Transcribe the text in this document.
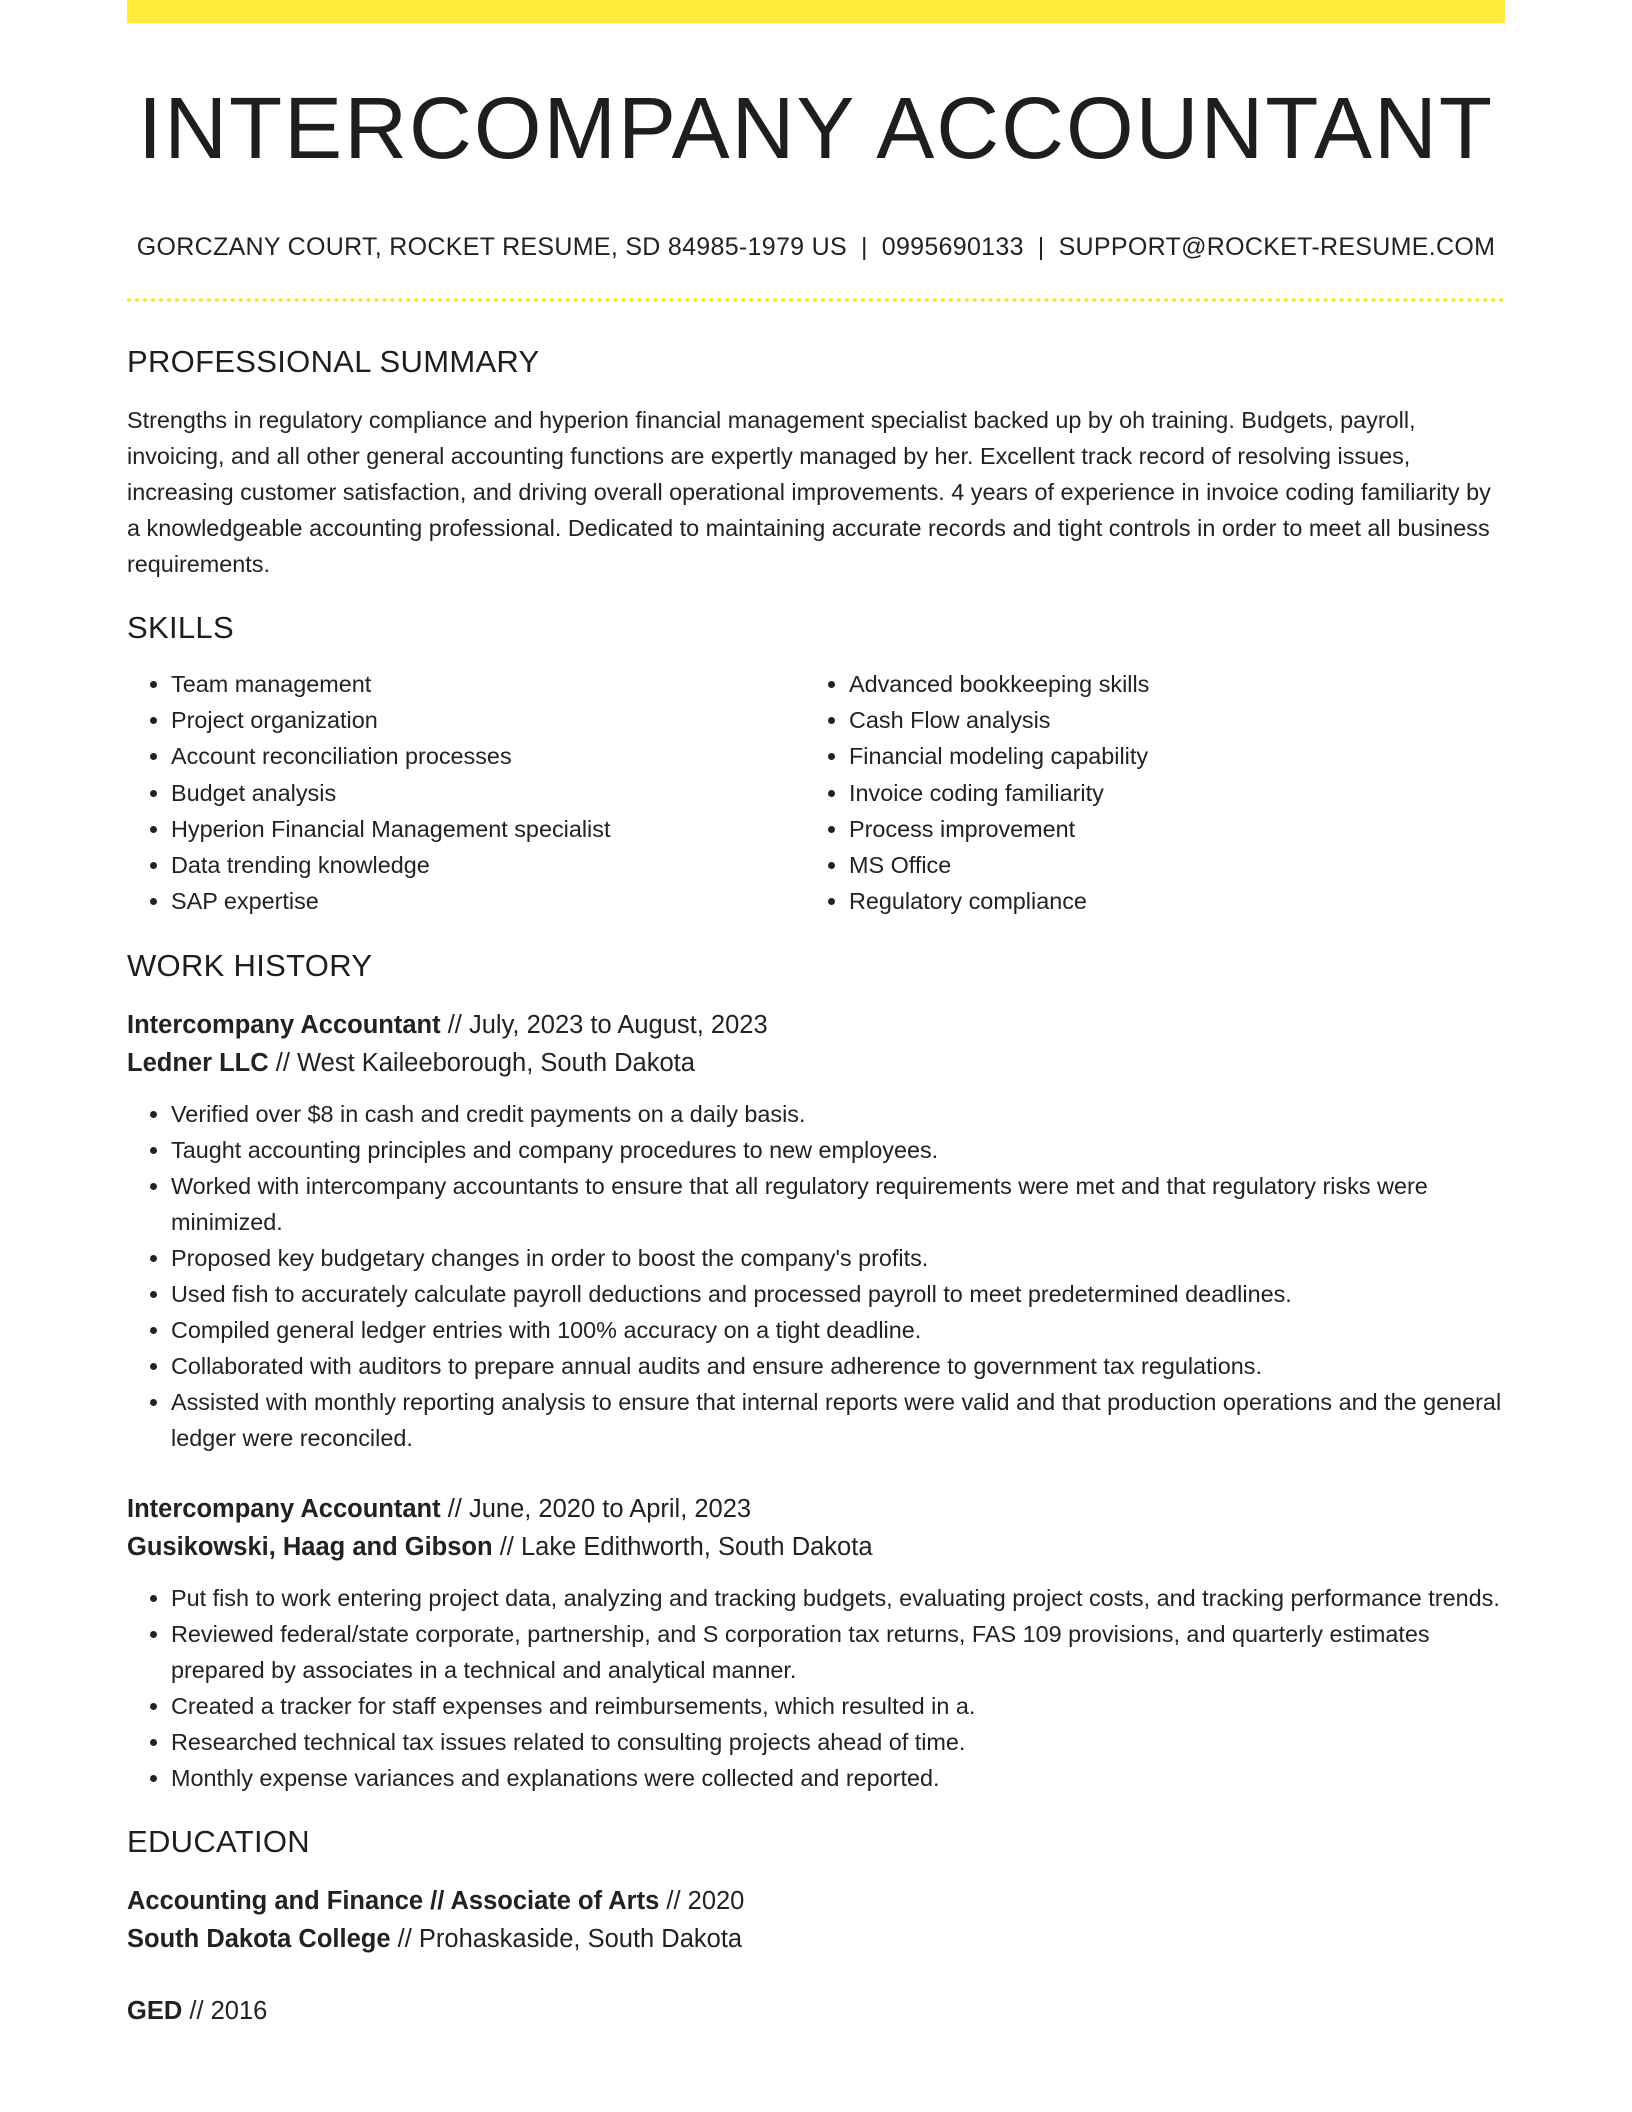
INTERCOMPANY ACCOUNTANT
GORCZANY COURT, ROCKET RESUME, SD 84985-1979 US | 0995690133 | SUPPORT@ROCKET-RESUME.COM
PROFESSIONAL SUMMARY
Strengths in regulatory compliance and hyperion financial management specialist backed up by oh training. Budgets, payroll, invoicing, and all other general accounting functions are expertly managed by her. Excellent track record of resolving issues, increasing customer satisfaction, and driving overall operational improvements. 4 years of experience in invoice coding familiarity by a knowledgeable accounting professional. Dedicated to maintaining accurate records and tight controls in order to meet all business requirements.
SKILLS
• Team management
• Project organization
• Account reconciliation processes
• Budget analysis
• Hyperion Financial Management specialist
• Data trending knowledge
• SAP expertise
• Advanced bookkeeping skills
• Cash Flow analysis
• Financial modeling capability
• Invoice coding familiarity
• Process improvement
• MS Office
• Regulatory compliance
WORK HISTORY
Intercompany Accountant // July, 2023 to August, 2023
Ledner LLC // West Kaileeborough, South Dakota
• Verified over $8 in cash and credit payments on a daily basis.
• Taught accounting principles and company procedures to new employees.
• Worked with intercompany accountants to ensure that all regulatory requirements were met and that regulatory risks were minimized.
• Proposed key budgetary changes in order to boost the company's profits.
• Used fish to accurately calculate payroll deductions and processed payroll to meet predetermined deadlines.
• Compiled general ledger entries with 100% accuracy on a tight deadline.
• Collaborated with auditors to prepare annual audits and ensure adherence to government tax regulations.
• Assisted with monthly reporting analysis to ensure that internal reports were valid and that production operations and the general ledger were reconciled.
Intercompany Accountant // June, 2020 to April, 2023
Gusikowski, Haag and Gibson // Lake Edithworth, South Dakota
• Put fish to work entering project data, analyzing and tracking budgets, evaluating project costs, and tracking performance trends.
• Reviewed federal/state corporate, partnership, and S corporation tax returns, FAS 109 provisions, and quarterly estimates prepared by associates in a technical and analytical manner.
• Created a tracker for staff expenses and reimbursements, which resulted in a.
• Researched technical tax issues related to consulting projects ahead of time.
• Monthly expense variances and explanations were collected and reported.
EDUCATION
Accounting and Finance // Associate of Arts // 2020
South Dakota College // Prohaskaside, South Dakota
GED // 2016
